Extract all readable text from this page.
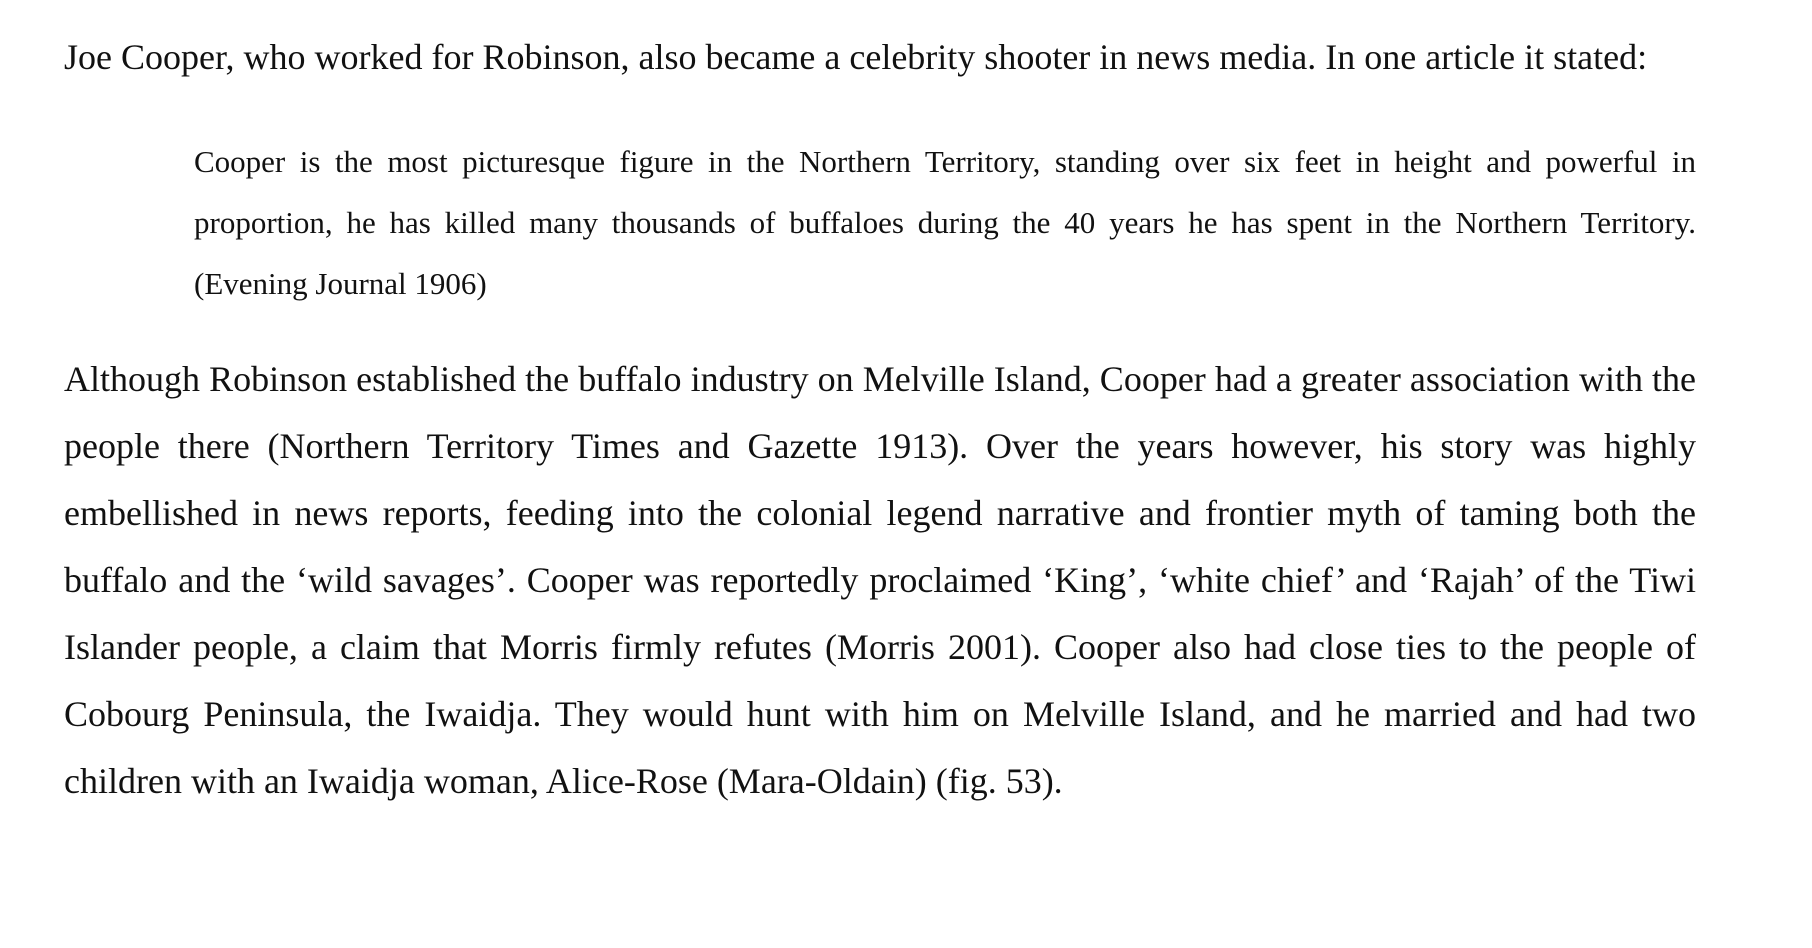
Joe Cooper, who worked for Robinson, also became a celebrity shooter in news media. In one article it stated:

Cooper is the most picturesque figure in the Northern Territory, standing over six feet in height and powerful in proportion, he has killed many thousands of buffaloes during the 40 years he has spent in the Northern Territory. (Evening Journal 1906)

Although Robinson established the buffalo industry on Melville Island, Cooper had a greater association with the people there (Northern Territory Times and Gazette 1913). Over the years however, his story was highly embellished in news reports, feeding into the colonial legend narrative and frontier myth of taming both the buffalo and the ‘wild savages’. Cooper was reportedly proclaimed ‘King’, ‘white chief’ and ‘Rajah’ of the Tiwi Islander people, a claim that Morris firmly refutes (Morris 2001). Cooper also had close ties to the people of Cobourg Peninsula, the Iwaidja. They would hunt with him on Melville Island, and he married and had two children with an Iwaidja woman, Alice-Rose (Mara-Oldain) (fig. 53).
